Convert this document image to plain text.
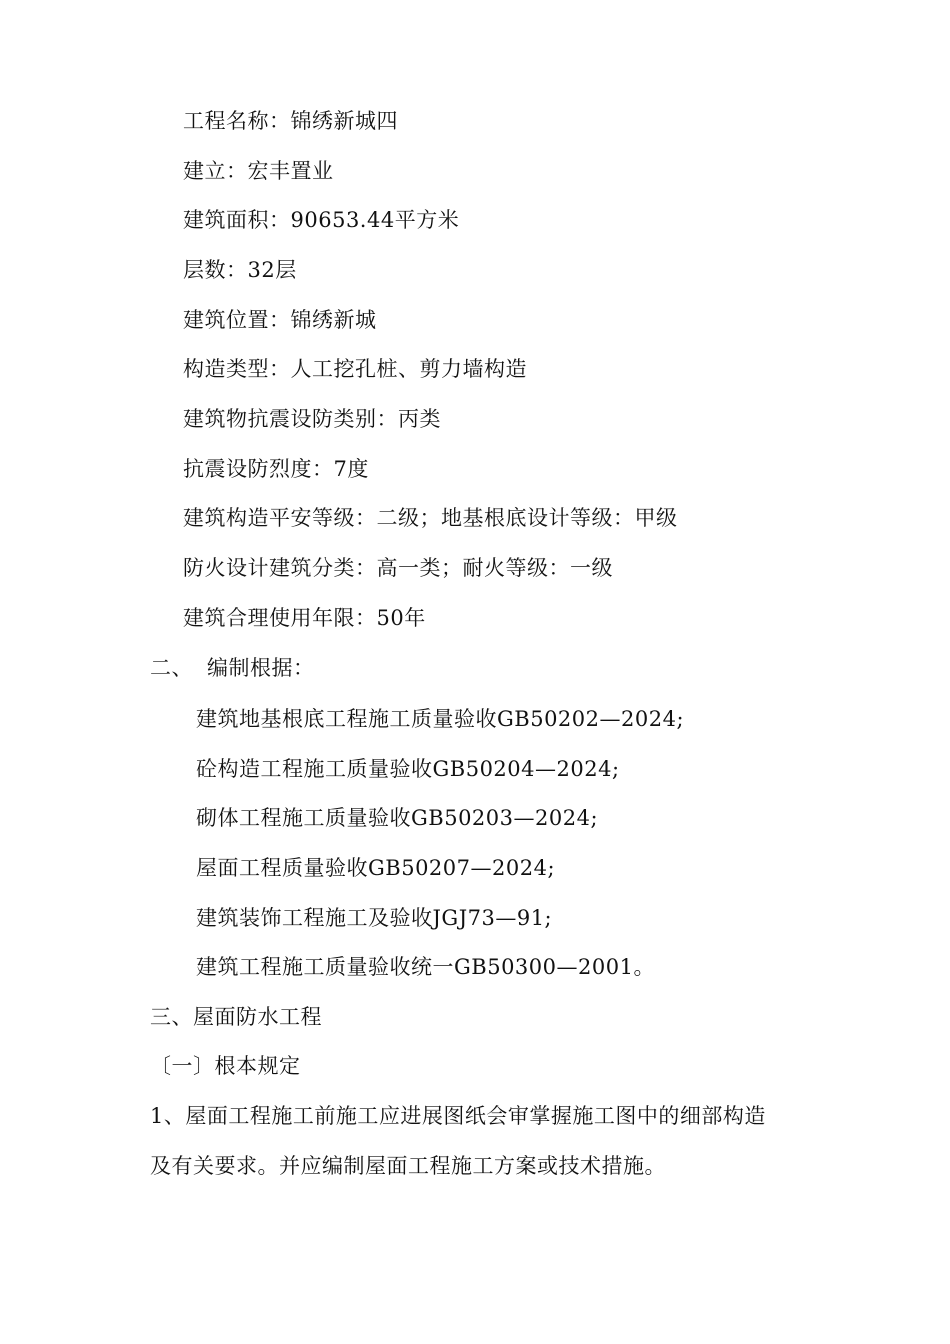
工程名称：锦绣新城四
建立：宏丰置业
建筑面积：90653.44平方米
层数：32层
建筑位置：锦绣新城
构造类型：人工挖孔桩、剪力墙构造
建筑物抗震设防类别：丙类
抗震设防烈度：7度
建筑构造平安等级：二级；地基根底设计等级：甲级
防火设计建筑分类：高一类；耐火等级：一级
建筑合理使用年限：50年
二、 编制根据：
建筑地基根底工程施工质量验收GB50202—2024;
砼构造工程施工质量验收GB50204—2024;
砌体工程施工质量验收GB50203—2024;
屋面工程质量验收GB50207—2024;
建筑装饰工程施工及验收JGJ73—91;
建筑工程施工质量验收统一GB50300—2001。
三、屋面防水工程
〔一〕根本规定
1、屋面工程施工前施工应进展图纸会审掌握施工图中的细部构造
及有关要求。并应编制屋面工程施工方案或技术措施。
